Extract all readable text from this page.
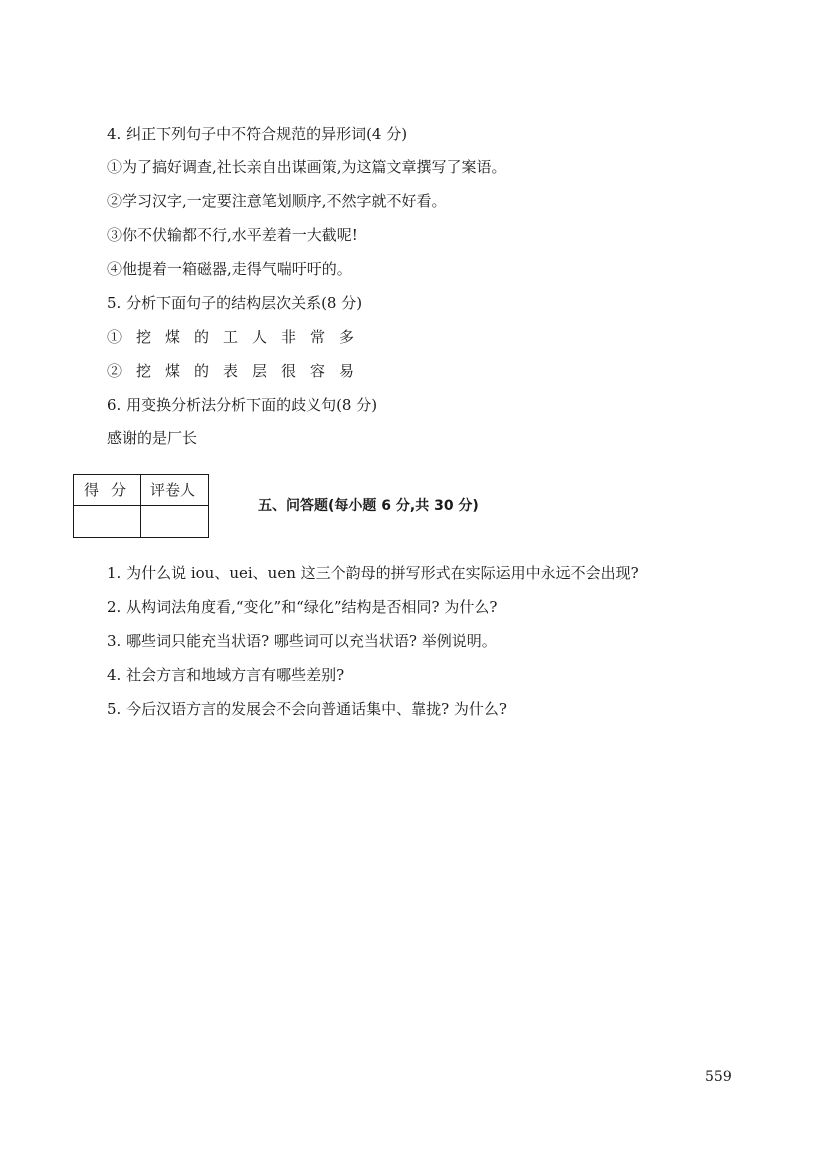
4. 纠正下列句子中不符合规范的异形词(4 分)
①为了搞好调查,社长亲自出谋画策,为这篇文章撰写了案语。
②学习汉字,一定要注意笔划顺序,不然字就不好看。
③你不伏输都不行,水平差着一大截呢!
④他提着一箱磁器,走得气喘吁吁的。
5. 分析下面句子的结构层次关系(8 分)
①挖煤的工人非常多
②挖煤的表层很容易
6. 用变换分析法分析下面的歧义句(8 分)
感谢的是厂长
得分 评卷人
五、问答题(每小题 6 分,共 30 分)
1. 为什么说 iou、uei、uen 这三个韵母的拼写形式在实际运用中永远不会出现?
2. 从构词法角度看,“变化”和“绿化”结构是否相同? 为什么?
3. 哪些词只能充当状语? 哪些词可以充当状语? 举例说明。
4. 社会方言和地域方言有哪些差别?
5. 今后汉语方言的发展会不会向普通话集中、靠拢? 为什么?
559
